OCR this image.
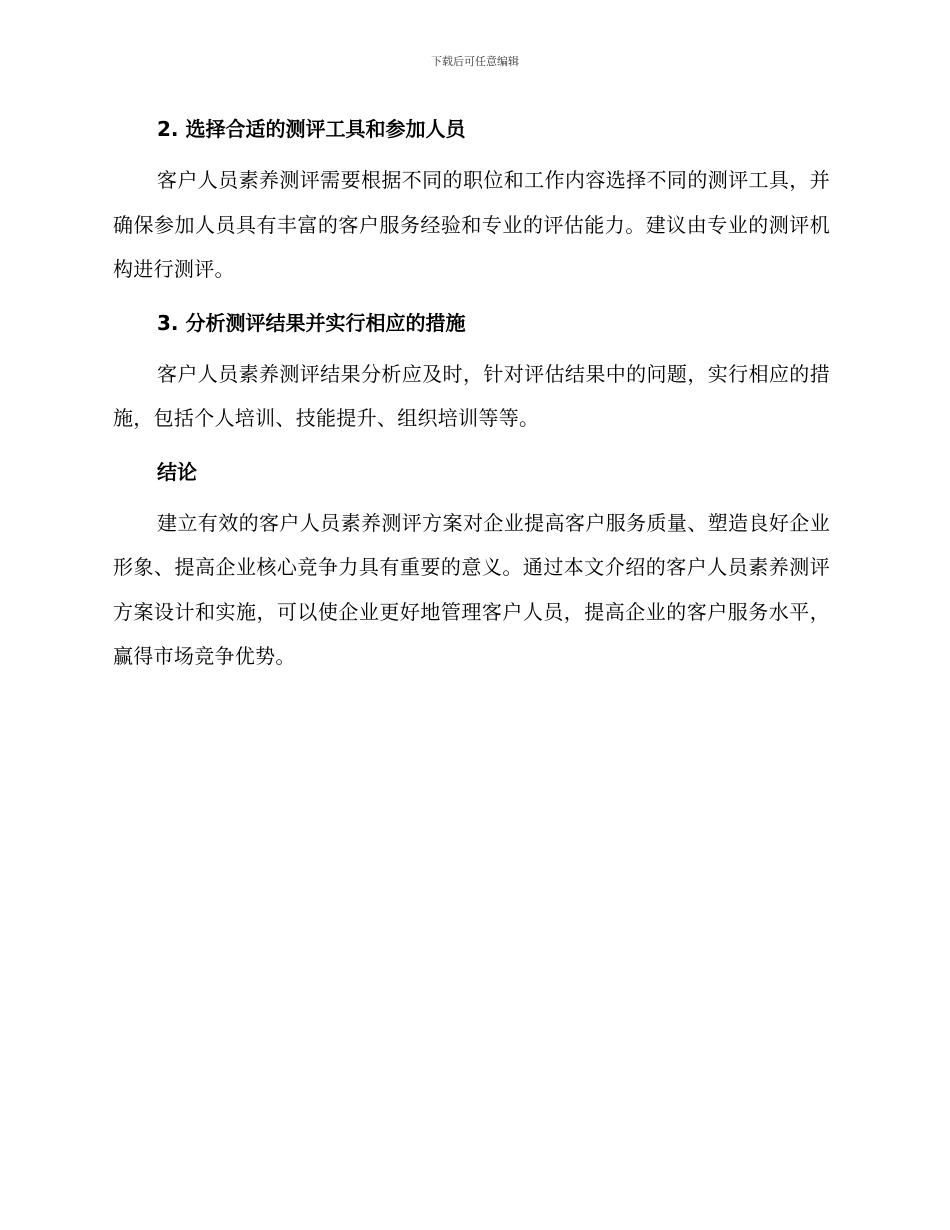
下载后可任意编辑
2. 选择合适的测评工具和参加人员

客户人员素养测评需要根据不同的职位和工作内容选择不同的测评工具，并确保参加人员具有丰富的客户服务经验和专业的评估能力。建议由专业的测评机构进行测评。

3. 分析测评结果并实行相应的措施

客户人员素养测评结果分析应及时，针对评估结果中的问题，实行相应的措施，包括个人培训、技能提升、组织培训等等。

结论

建立有效的客户人员素养测评方案对企业提高客户服务质量、塑造良好企业形象、提高企业核心竞争力具有重要的意义。通过本文介绍的客户人员素养测评方案设计和实施，可以使企业更好地管理客户人员，提高企业的客户服务水平，赢得市场竞争优势。
